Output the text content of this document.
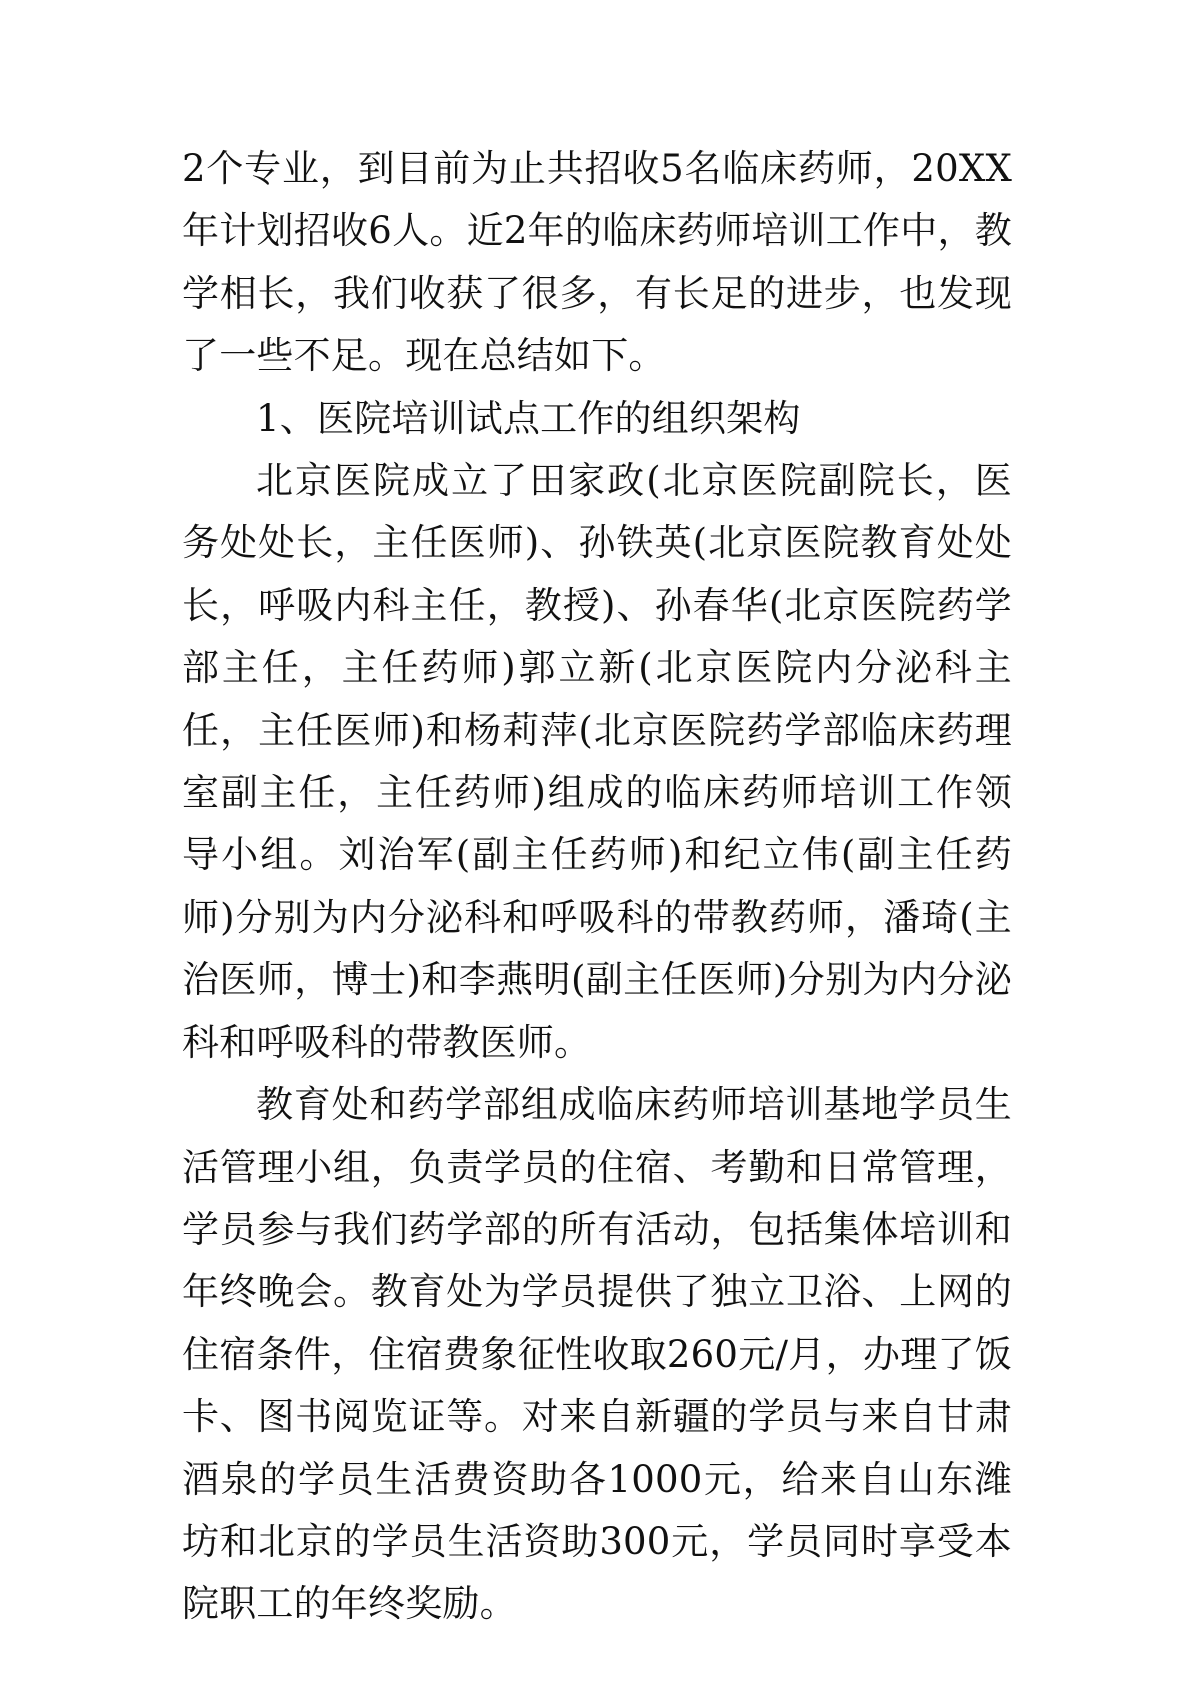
2个专业，到目前为止共招收5名临床药师，20XX 年计划招收6人。近2年的临床药师培训工作中，教学相长，我们收获了很多，有长足的进步，也发现了一些不足。现在总结如下。

1、医院培训试点工作的组织架构

北京医院成立了田家政(北京医院副院长，医务处处长，主任医师)、孙铁英(北京医院教育处处长，呼吸内科主任，教授)、孙春华(北京医院药学部主任，主任药师)郭立新(北京医院内分泌科主任，主任医师)和杨莉萍(北京医院药学部临床药理室副主任，主任药师)组成的临床药师培训工作领导小组。刘治军(副主任药师)和纪立伟(副主任药师)分别为内分泌科和呼吸科的带教药师，潘琦(主治医师，博士)和李燕明(副主任医师)分别为内分泌科和呼吸科的带教医师。

教育处和药学部组成临床药师培训基地学员生活管理小组，负责学员的住宿、考勤和日常管理，学员参与我们药学部的所有活动，包括集体培训和年终晚会。教育处为学员提供了独立卫浴、上网的住宿条件，住宿费象征性收取260元/月，办理了饭卡、图书阅览证等。对来自新疆的学员与来自甘肃酒泉的学员生活费资助各1000元，给来自山东潍坊和北京的学员生活资助300元，学员同时享受本院职工的年终奖励。
